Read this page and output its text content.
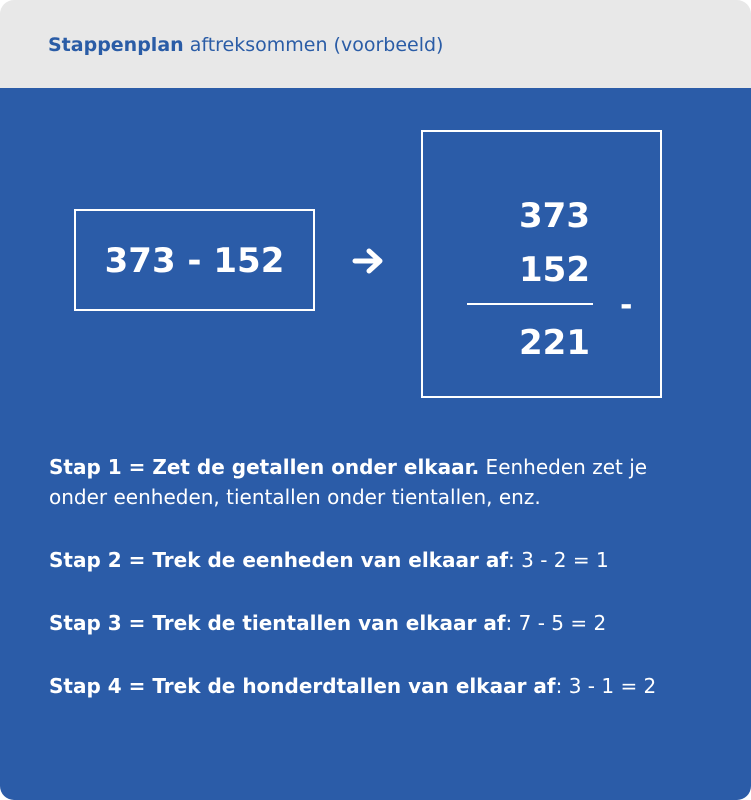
Stappenplan aftreksommen (voorbeeld)
373 - 152
373
152
-
221

Stap 1 = Zet de getallen onder elkaar. Eenheden zet je onder eenheden, tientallen onder tientallen, enz.

Stap 2 = Trek de eenheden van elkaar af: 3 - 2 = 1

Stap 3 = Trek de tientallen van elkaar af: 7 - 5 = 2

Stap 4 = Trek de honderdtallen van elkaar af: 3 - 1 = 2
